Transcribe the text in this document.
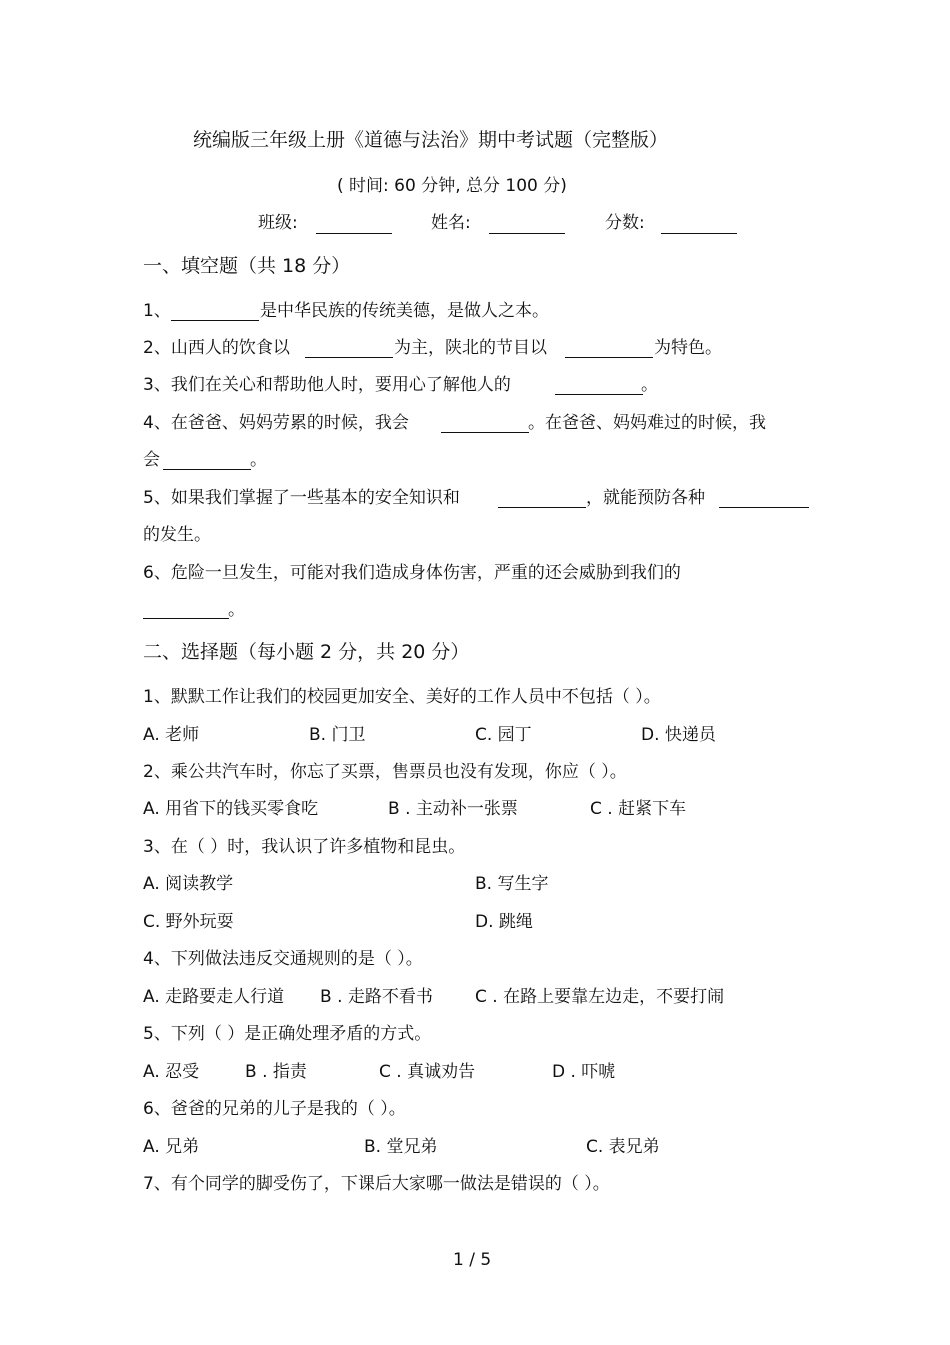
统编版三年级上册《道德与法治》期中考试题（完整版）
( 时间: 60 分钟, 总分 100 分)
班级:	姓名:	分数:
一、填空题（共 18 分）
1、	是中华民族的传统美德，是做人之本。
2、山西人的饮食以	为主，陕北的节目以	为特色。
3、我们在关心和帮助他人时，要用心了解他人的	。
4、在爸爸、妈妈劳累的时候，我会	。在爸爸、妈妈难过的时候，我
会	。
5、如果我们掌握了一些基本的安全知识和	，就能预防各种
的发生。
6、危险一旦发生，可能对我们造成身体伤害，严重的还会威胁到我们的
。
二、选择题（每小题 2 分，共 20 分）
1、默默工作让我们的校园更加安全、美好的工作人员中不包括（ ）。
A. 老师	B. 门卫	C. 园丁	D. 快递员
2、乘公共汽车时，你忘了买票，售票员也没有发现，你应（ ）。
A. 用省下的钱买零食吃	B . 主动补一张票	C . 赶紧下车
3、在（ ）时，我认识了许多植物和昆虫。
A. 阅读教学	B. 写生字
C. 野外玩耍	D. 跳绳
4、下列做法违反交通规则的是（ ）。
A. 走路要走人行道 B . 走路不看书 C . 在路上要靠左边走，不要打闹
5、下列（ ）是正确处理矛盾的方式。
A. 忍受	B . 指责	C . 真诚劝告	D . 吓唬
6、爸爸的兄弟的儿子是我的（ ）。
A. 兄弟	B. 堂兄弟	C. 表兄弟
7、有个同学的脚受伤了，下课后大家哪一做法是错误的（ ）。
1 / 5
